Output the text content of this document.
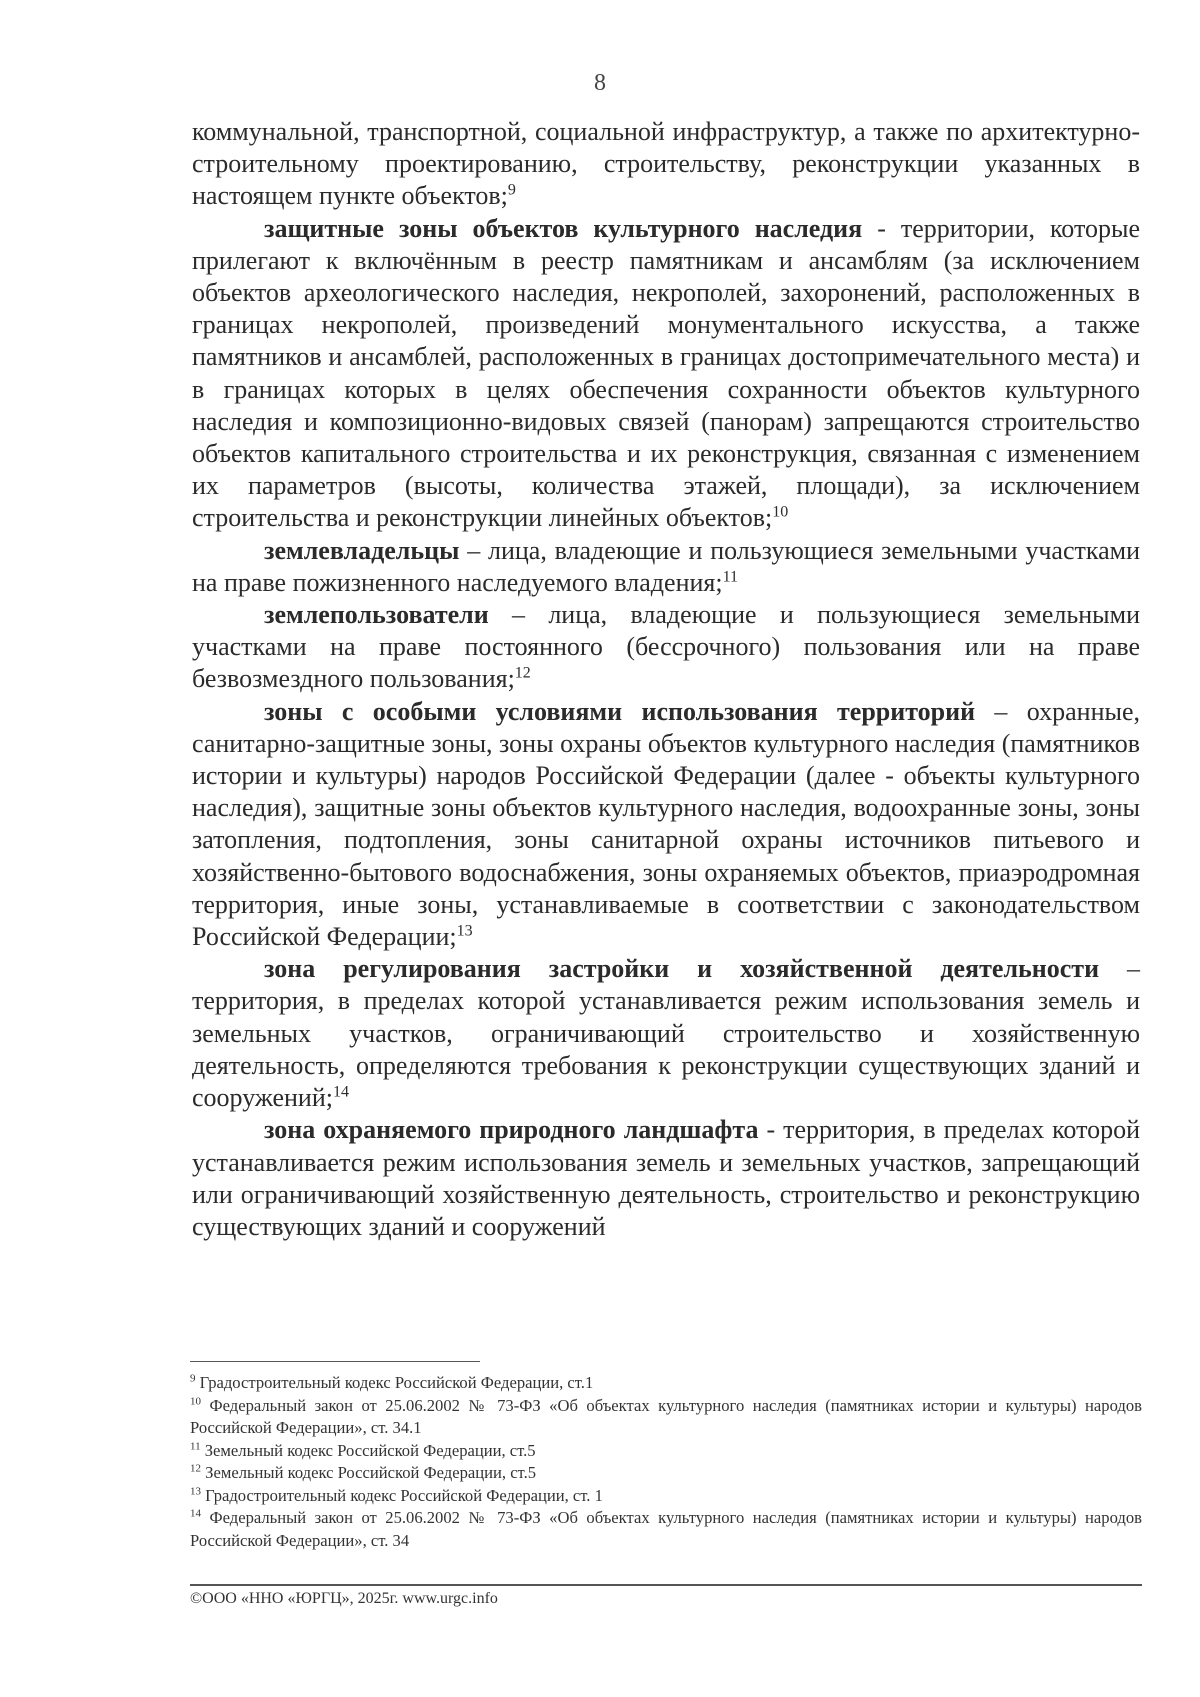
8

коммунальной, транспортной, социальной инфраструктур, а также по архитектурно-строительному проектированию, строительству, реконструкции указанных в настоящем пункте объектов;$^9$

защитные зоны объектов культурного наследия - территории, которые прилегают к включённым в реестр памятникам и ансамблям (за исключением объектов археологического наследия, некрополей, захоронений, расположенных в границах некрополей, произведений монументального искусства, а также памятников и ансамблей, расположенных в границах достопримечательного места) и в границах которых в целях обеспечения сохранности объектов культурного наследия и композиционно-видовых связей (панорам) запрещаются строительство объектов капитального строительства и их реконструкция, связанная с изменением их параметров (высоты, количества этажей, площади), за исключением строительства и реконструкции линейных объектов;$^{10}$

землевладельцы – лица, владеющие и пользующиеся земельными участками на праве пожизненного наследуемого владения;$^{11}$

землепользователи – лица, владеющие и пользующиеся земельными участками на праве постоянного (бессрочного) пользования или на праве безвозмездного пользования;$^{12}$

зоны с особыми условиями использования территорий – охранные, санитарно-защитные зоны, зоны охраны объектов культурного наследия (памятников истории и культуры) народов Российской Федерации (далее - объекты культурного наследия), защитные зоны объектов культурного наследия, водоохранные зоны, зоны затопления, подтопления, зоны санитарной охраны источников питьевого и хозяйственно-бытового водоснабжения, зоны охраняемых объектов, приаэродромная территория, иные зоны, устанавливаемые в соответствии с законодательством Российской Федерации;$^{13}$

зона регулирования застройки и хозяйственной деятельности – территория, в пределах которой устанавливается режим использования земель и земельных участков, ограничивающий строительство и хозяйственную деятельность, определяются требования к реконструкции существующих зданий и сооружений;$^{14}$

зона охраняемого природного ландшафта - территория, в пределах которой устанавливается режим использования земель и земельных участков, запрещающий или ограничивающий хозяйственную деятельность, строительство и реконструкцию существующих зданий и сооружений

$^9$ Градостроительный кодекс Российской Федерации, ст.1

$^{10}$ Федеральный закон от 25.06.2002 № 73-ФЗ «Об объектах культурного наследия (памятниках истории и культуры) народов Российской Федерации», ст. 34.1

$^{11}$ Земельный кодекс Российской Федерации, ст.5

$^{12}$ Земельный кодекс Российской Федерации, ст.5

$^{13}$ Градостроительный кодекс Российской Федерации, ст. 1

$^{14}$ Федеральный закон от 25.06.2002 № 73-ФЗ «Об объектах культурного наследия (памятниках истории и культуры) народов Российской Федерации», ст. 34

©ООО «ННО «ЮРГЦ», 2025г. www.urgc.info
